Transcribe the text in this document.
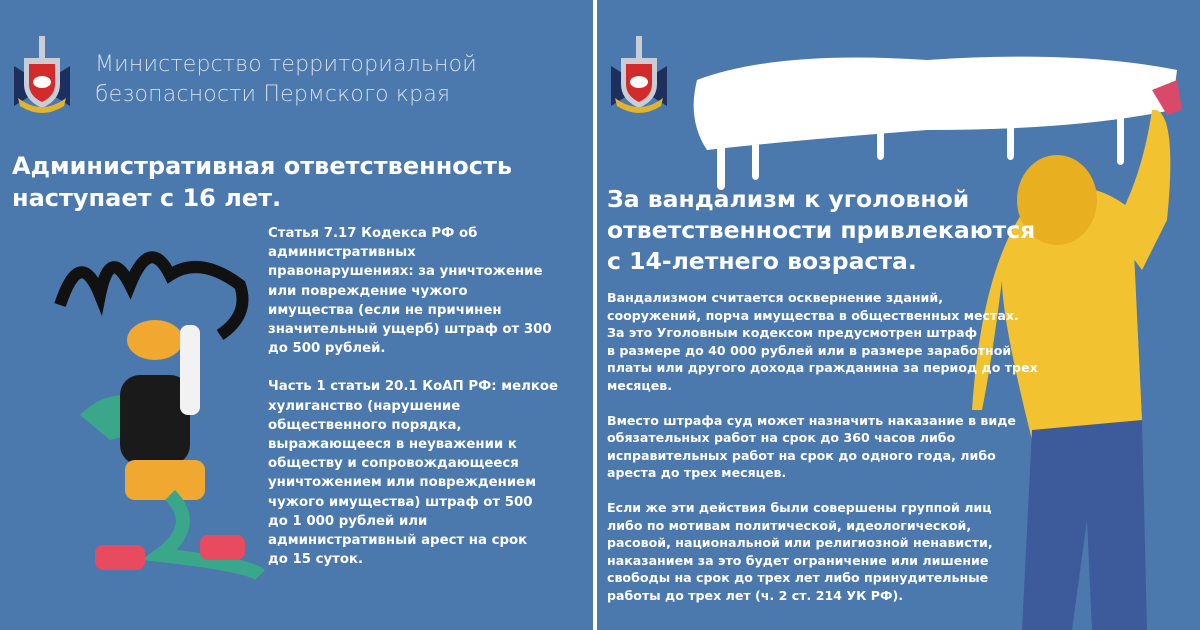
Министерство территориальной
безопасности Пермского края
Административная ответственность
наступает с 16 лет.

Статья 7.17 Кодекса РФ об
административных
правонарушениях: за уничтожение
или повреждение чужого
имущества (если не причинен
значительный ущерб) штраф от 300
до 500 рублей.

Часть 1 статьи 20.1 КоАП РФ: мелкое
хулиганство (нарушение
общественного порядка,
выражающееся в неуважении к
обществу и сопровождающееся
уничтожением или повреждением
чужого имущества) штраф от 500
до 1 000 рублей или
административный арест на срок
до 15 суток.

За вандализм к уголовной
ответственности привлекаются
с 14-летнего возраста.

Вандализмом считается осквернение зданий,
сооружений, порча имущества в общественных местах.
За это Уголовным кодексом предусмотрен штраф
в размере до 40 000 рублей или в размере заработной
платы или другого дохода гражданина за период до трех
месяцев.

Вместо штрафа суд может назначить наказание в виде
обязательных работ на срок до 360 часов либо
исправительных работ на срок до одного года, либо
ареста до трех месяцев.

Если же эти действия были совершены группой лиц
либо по мотивам политической, идеологической,
расовой, национальной или религиозной ненависти,
наказанием за это будет ограничение или лишение
свободы на срок до трех лет либо принудительные
работы до трех лет (ч. 2 ст. 214 УК РФ).
